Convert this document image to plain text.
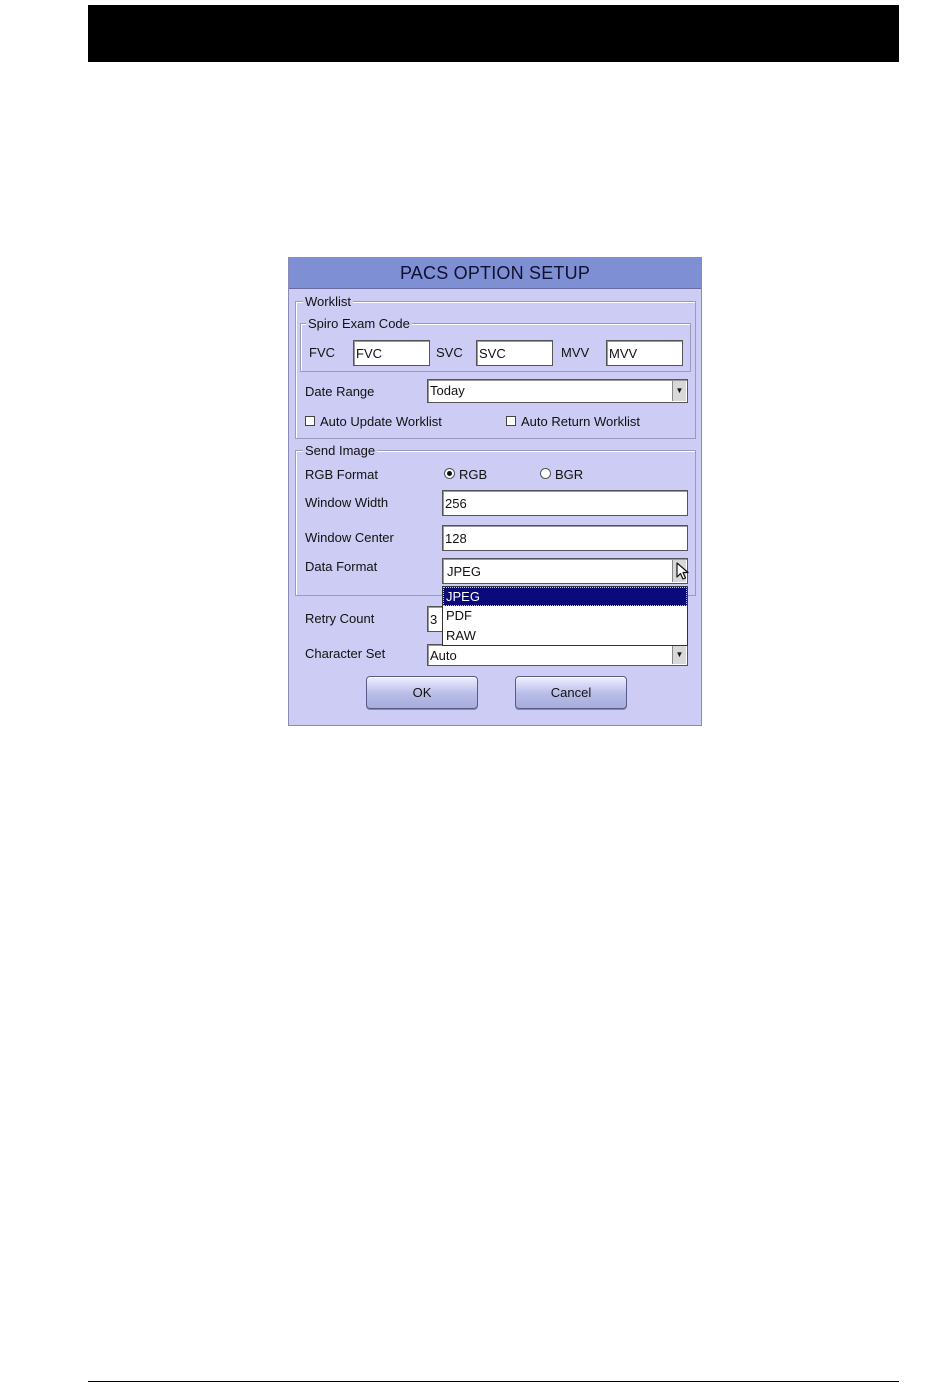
PACS OPTION SETUP
Worklist
Spiro Exam Code
FVC FVC	SVC SVC	MVV MVV
Date Range	Today	▼
Auto Update Worklist	Auto Return Worklist
Send Image
RGB Format	RGB	BGR
Window Width	256
Window Center	128
Data Format	JPEG
Retry Count	3
Character Set	Auto	▼
JPEG
PDF
RAW
OK	Cancel
